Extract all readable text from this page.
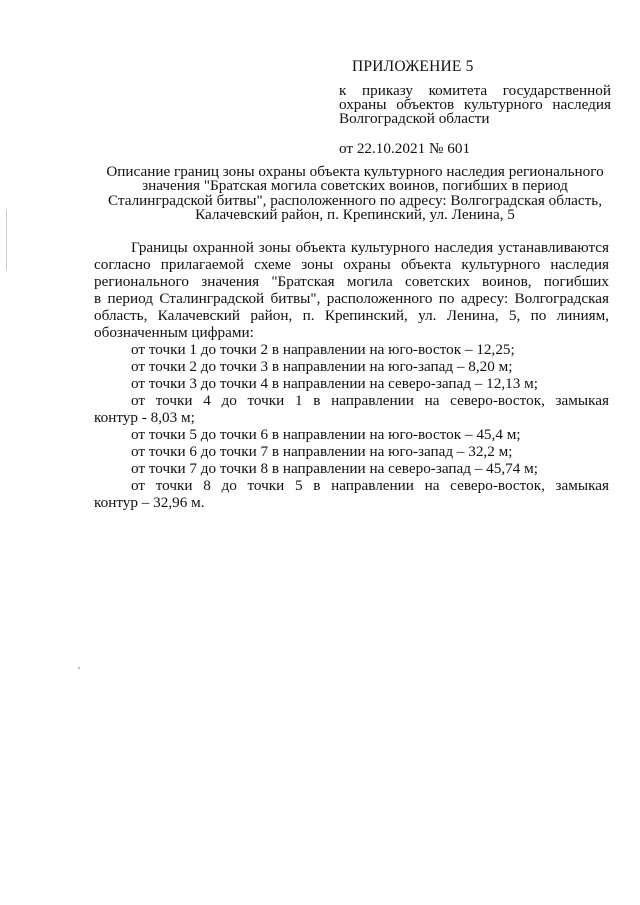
ПРИЛОЖЕНИЕ 5
к приказу комитета государственной
охраны объектов культурного наследия
Волгоградской области
от 22.10.2021 № 601
Описание границ зоны охраны объекта культурного наследия регионального
значения "Братская могила советских воинов, погибших в период
Сталинградской битвы", расположенного по адресу: Волгоградская область,
Калачевский район, п. Крепинский, ул. Ленина, 5
Границы охранной зоны объекта культурного наследия устанавливаются
согласно прилагаемой схеме зоны охраны объекта культурного наследия
регионального значения "Братская могила советских воинов, погибших
в период Сталинградской битвы", расположенного по адресу: Волгоградская
область, Калачевский район, п. Крепинский, ул. Ленина, 5, по линиям,
обозначенным цифрами:
от точки 1 до точки 2 в направлении на юго-восток – 12,25;
от точки 2 до точки 3 в направлении на юго-запад – 8,20 м;
от точки 3 до точки 4 в направлении на северо-запад – 12,13 м;
от точки 4 до точки 1 в направлении на северо-восток, замыкая
контур - 8,03 м;
от точки 5 до точки 6 в направлении на юго-восток – 45,4 м;
от точки 6 до точки 7 в направлении на юго-запад – 32,2 м;
от точки 7 до точки 8 в направлении на северо-запад – 45,74 м;
от точки 8 до точки 5 в направлении на северо-восток, замыкая
контур – 32,96 м.
